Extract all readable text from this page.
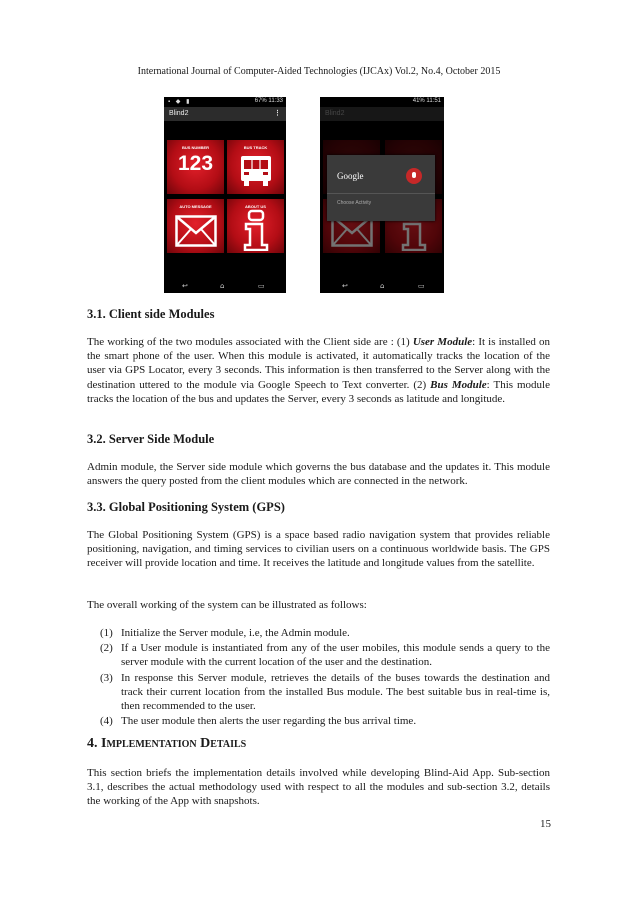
International Journal of Computer-Aided Technologies (IJCAx) Vol.2, No.4, October 2015
▪ ◆ ▮	67% 11:33
Blind2	⋮
BUS NUMBER
123
BUS TRACK
AUTO MESSAGE	ABOUT US
↩	⌂	▭
41% 11:51
Google
Choose Activity
↩	⌂	▭
3.1. Client side Modules

The working of the two modules associated with the Client side are : (1) User Module: It is installed on the smart phone of the user. When this module is activated, it automatically tracks the location of the user via GPS Locator, every 3 seconds. This information is then transferred to the Server along with the destination uttered to the module via Google Speech to Text converter. (2) Bus Module: This module tracks the location of the bus and updates the Server, every 3 seconds as latitude and longitude.

3.2. Server Side Module

Admin module, the Server side module which governs the bus database and the updates it. This module answers the query posted from the client modules which are connected in the network.

3.3. Global Positioning System (GPS)

The Global Positioning System (GPS) is a space based radio navigation system that provides reliable positioning, navigation, and timing services to civilian users on a continuous worldwide basis. The GPS receiver will provide location and time. It receives the latitude and longitude values from the satellite.

The overall working of the system can be illustrated as follows:

(1) Initialize the Server module, i.e, the Admin module.
(2) If a User module is instantiated from any of the user mobiles, this module sends a query to the server module with the current location of the user and the destination.
(3) In response this Server module, retrieves the details of the buses towards the destination and track their current location from the installed Bus module. The best suitable bus in real-time is, then recommended to the user.
(4) The user module then alerts the user regarding the bus arrival time.
4. Implementation Details

This section briefs the implementation details involved while developing Blind-Aid App. Sub-section 3.1, describes the actual methodology used with respect to all the modules and sub-section 3.2, details the working of the App with snapshots.

15
